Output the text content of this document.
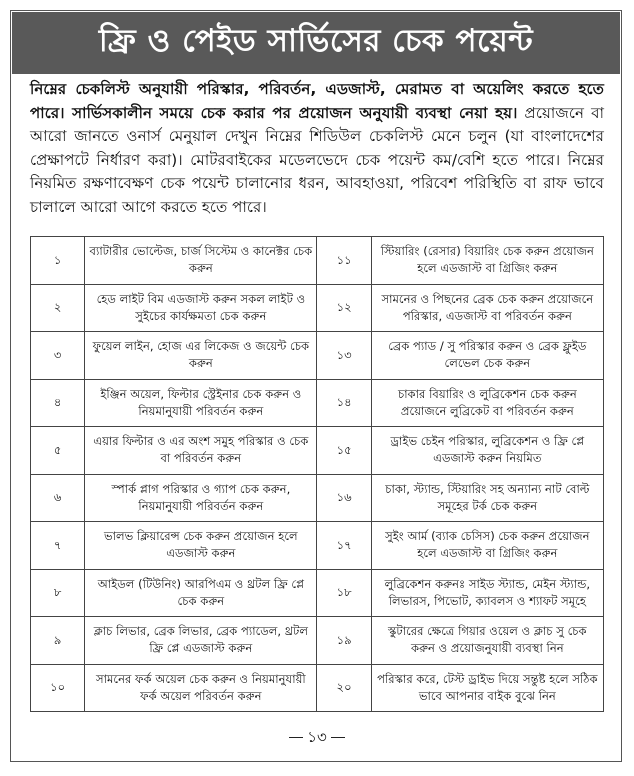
ফ্রি ও পেইড সার্ভিসের চেক পয়েন্ট
নিম্নের চেকলিস্ট অনুযায়ী পরিস্কার, পরিবর্তন, এডজাস্ট, মেরামত বা অয়েলিং করতে হতে পারে। সার্ভিসকালীন সময়ে চেক করার পর প্রয়োজন অনুযায়ী ব্যবস্থা নেয়া হয়। প্রয়োজনে বা আরো জানতে ওনার্স মেনুয়াল দেখুন নিম্নের শিডিউল চেকলিস্ট মেনে চলুন (যা বাংলাদেশের প্রেক্ষাপটে নির্ধারণ করা)। মোটরবাইকের মডেলভেদে চেক পয়েন্ট কম/বেশি হতে পারে। নিম্নের নিয়মিত রক্ষণাবেক্ষণ চেক পয়েন্ট চালানোর ধরন, আবহাওয়া, পরিবেশ পরিস্থিতি বা রাফ ভাবে চালালে আরো আগে করতে হতে পারে।
১	ব্যাটারীর ভোল্টেজ, চার্জ সিস্টেম ও কানেক্টর চেক করুন	১১	স্টিয়ারিং (রেসার) বিয়ারিং চেক করুন প্রয়োজন হলে এডজাস্ট বা গ্রিজিং করুন
২	হেড লাইট বিম এডজাস্ট করুন সকল লাইট ও সুইচের কার্যক্ষমতা চেক করুন	১২	সামনের ও পিছনের ব্রেক চেক করুন প্রয়োজনে পরিস্কার, এডজাস্ট বা পরিবর্তন করুন
৩	ফুয়েল লাইন, হোজ এর লিকেজ ও জয়েন্ট চেক করুন	১৩	ব্রেক প্যাড / সু পরিস্কার করুন ও ব্রেক ফ্লুইড লেভেল চেক করুন
৪	ইঞ্জিন অয়েল, ফিল্টার স্ট্রেইনার চেক করুন ও নিয়মানুযায়ী পরিবর্তন করুন	১৪	চাকার বিয়ারিং ও লুব্রিকেশন চেক করুন প্রয়োজনে লুব্রিকেট বা পরিবর্তন করুন
৫	এয়ার ফিল্টার ও এর অংশ সমুহ পরিস্কার ও চেক বা পরিবর্তন করুন	১৫	ড্রাইভ চেইন পরিস্কার, লুব্রিকেশন ও ফ্রি প্লে এডজাস্ট করুন নিয়মিত
৬	স্পার্ক প্লাগ পরিস্কার ও গ্যাপ চেক করুন, নিয়মানুযায়ী পরিবর্তন করুন	১৬	চাকা, স্ট্যান্ড, স্টিয়ারিং সহ অন্যান্য নাট বোল্ট সমূহের টর্ক চেক করুন
৭	ভালভ ক্লিয়ারেন্স চেক করুন প্রয়োজন হলে এডজাস্ট করুন	১৭	সুইং আর্ম (ব্যাক চেসিস) চেক করুন প্রয়োজন হলে এডজাস্ট বা গ্রিজিং করুন
৮	আইডল (টিউনিং) আরপিএম ও থ্রটল ফ্রি প্লে চেক করুন	১৮	লুব্রিকেশন করুনঃ সাইড স্ট্যান্ড, মেইন স্ট্যান্ড, লিভারস, পিভোট, ক্যাবলস ও শ্যাফট সমূহে
৯	ক্লাচ লিভার, ব্রেক লিভার, ব্রেক প্যাডেল, থ্রটল ফ্রি প্লে এডজাস্ট করুন	১৯	স্কুটারের ক্ষেত্রে গিয়ার ওয়েল ও ক্লাচ সু চেক করুন ও প্রয়োজনুযায়ী ব্যবস্থা নিন
১০	সামনের ফর্ক অয়েল চেক করুন ও নিয়মানুযায়ী ফর্ক অয়েল পরিবর্তন করুন	২০	পরিস্কার করে, টেস্ট ড্রাইভ দিয়ে সন্তুষ্ট হলে সঠিক ভাবে আপনার বাইক বুঝে নিন
১৩
